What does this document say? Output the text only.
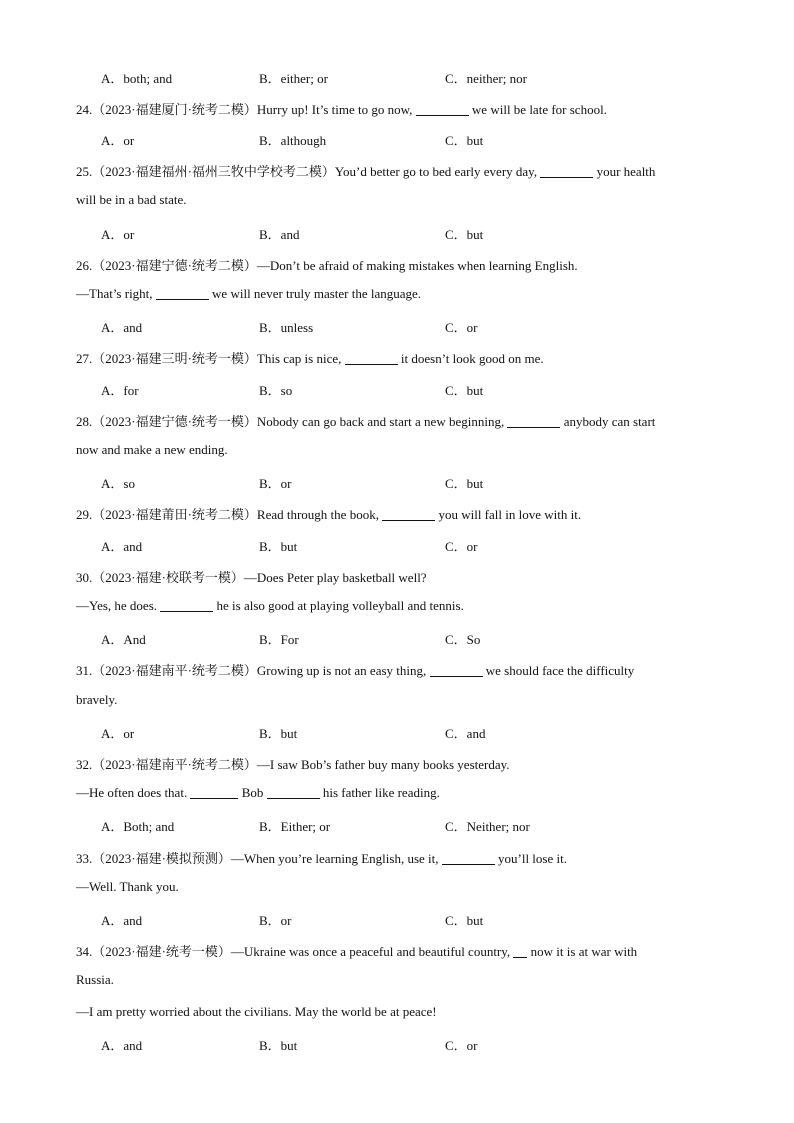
A．both; and	B．either; or	C．neither; nor
24.（2023·福建厦门·统考二模）Hurry up! It’s time to go now,	we will be late for school.
A．or	B．although	C．but
25.（2023·福建福州·福州三牧中学校考二模）You’d better go to bed early every day,	your health
will be in a bad state.
A．or	B．and	C．but
26.（2023·福建宁德·统考二模）—Don’t be afraid of making mistakes when learning English.
—That’s right,	we will never truly master the language.
A．and	B．unless	C．or
27.（2023·福建三明·统考一模）This cap is nice,	it doesn’t look good on me.
A．for	B．so	C．but
28.（2023·福建宁德·统考一模）Nobody can go back and start a new beginning,	anybody can start
now and make a new ending.
A．so	B．or	C．but
29.（2023·福建莆田·统考二模）Read through the book,	you will fall in love with it.
A．and	B．but	C．or
30.（2023·福建·校联考一模）—Does Peter play basketball well?
—Yes, he does.	he is also good at playing volleyball and tennis.
A．And	B．For	C．So
31.（2023·福建南平·统考二模）Growing up is not an easy thing,	we should face the difficulty
bravely.
A．or	B．but	C．and
32.（2023·福建南平·统考二模）—I saw Bob’s father buy many books yesterday.
—He often does that.	Bob	his father like reading.
A．Both; and	B．Either; or	C．Neither; nor
33.（2023·福建·模拟预测）—When you’re learning English, use it,	you’ll lose it.
—Well. Thank you.
A．and	B．or	C．but
34.（2023·福建·统考一模）—Ukraine was once a peaceful and beautiful country, now it is at war with
Russia.
—I am pretty worried about the civilians. May the world be at peace!
A．and	B．but	C．or
